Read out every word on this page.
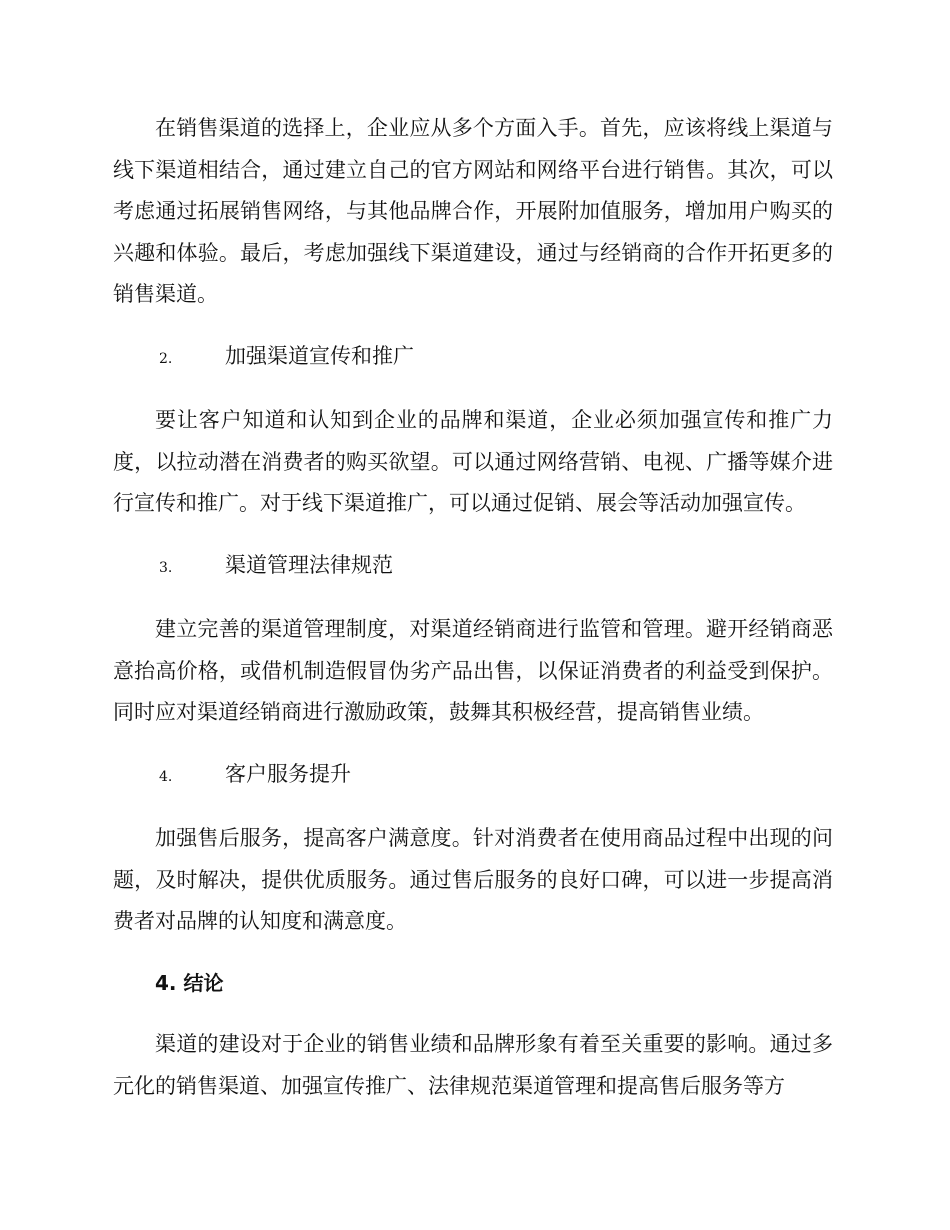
在销售渠道的选择上，企业应从多个方面入手。首先，应该将线上渠道与线下渠道相结合，通过建立自己的官方网站和网络平台进行销售。其次，可以考虑通过拓展销售网络，与其他品牌合作，开展附加值服务，增加用户购买的兴趣和体验。最后，考虑加强线下渠道建设，通过与经销商的合作开拓更多的销售渠道。

2.	加强渠道宣传和推广

要让客户知道和认知到企业的品牌和渠道，企业必须加强宣传和推广力度，以拉动潜在消费者的购买欲望。可以通过网络营销、电视、广播等媒介进行宣传和推广。对于线下渠道推广，可以通过促销、展会等活动加强宣传。

3.	渠道管理法律规范

建立完善的渠道管理制度，对渠道经销商进行监管和管理。避开经销商恶意抬高价格，或借机制造假冒伪劣产品出售，以保证消费者的利益受到保护。同时应对渠道经销商进行激励政策，鼓舞其积极经营，提高销售业绩。

4.	客户服务提升

加强售后服务，提高客户满意度。针对消费者在使用商品过程中出现的问题，及时解决，提供优质服务。通过售后服务的良好口碑，可以进一步提高消费者对品牌的认知度和满意度。

4. 结论

渠道的建设对于企业的销售业绩和品牌形象有着至关重要的影响。通过多元化的销售渠道、加强宣传推广、法律规范渠道管理和提高售后服务等方
